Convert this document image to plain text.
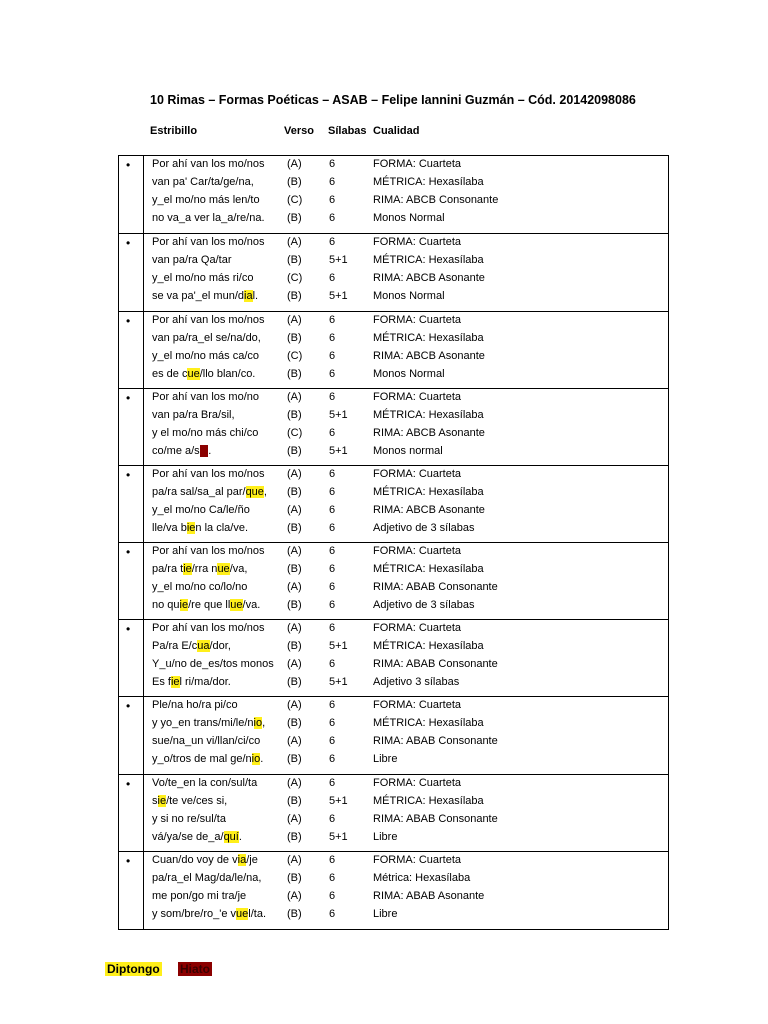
10 Rimas – Formas Poéticas – ASAB – Felipe Iannini Guzmán – Cód. 20142098086
Estribillo	Verso Sílabas Cualidad
• Por ahí van los mo/nos (A) 6	FORMA: Cuarteta
van pa' Car/ta/ge/na,	(B) 6	MÉTRICA: Hexasílaba
y_el mo/no más len/to (C) 6	RIMA: ABCB Consonante
no va_a ver la_a/re/na. (B) 6	Monos Normal
• Por ahí van los mo/nos (A) 6	FORMA: Cuarteta
van pa/ra Qa/tar	(B) 5+1 MÉTRICA: Hexasílaba
y_el mo/no más ri/co	(C) 6	RIMA: ABCB Asonante
se va pa'_el mun/dial.	(B) 5+1 Monos Normal
• Por ahí van los mo/nos (A) 6	FORMA: Cuarteta
van pa/ra_el se/na/do, (B) 6	MÉTRICA: Hexasílaba
y_el mo/no más ca/co	(C) 6	RIMA: ABCB Asonante
es de cue/llo blan/co.	(B) 6	Monos Normal
• Por ahí van los mo/no	(A) 6	FORMA: Cuarteta
van pa/ra Bra/sil,	(B) 5+1 MÉTRICA: Hexasílaba
y el mo/no más chi/co	(C) 6	RIMA: ABCB Asonante
co/me a/sai.	(B) 5+1 Monos normal
• Por ahí van los mo/nos (A) 6	FORMA: Cuarteta
pa/ra sal/sa_al par/que, (B) 6	MÉTRICA: Hexasílaba
y_el mo/no Ca/le/ño	(A) 6	RIMA: ABCB Asonante
lle/va bien la cla/ve.	(B) 6	Adjetivo de 3 sílabas
• Por ahí van los mo/nos (A) 6	FORMA: Cuarteta
pa/ra tie/rra nue/va,	(B) 6	MÉTRICA: Hexasílaba
y_el mo/no co/lo/no	(A) 6	RIMA: ABAB Consonante
no quie/re que llue/va. (B) 6	Adjetivo de 3 sílabas
• Por ahí van los mo/nos (A) 6	FORMA: Cuarteta
Pa/ra E/cua/dor,	(B) 5+1 MÉTRICA: Hexasílaba
Y_u/no de_es/tos monos (A) 6	RIMA: ABAB Consonante
Es fiel ri/ma/dor.	(B) 5+1 Adjetivo 3 sílabas
• Ple/na ho/ra pi/co	(A) 6	FORMA: Cuarteta
y yo_en trans/mi/le/nio, (B) 6	MÉTRICA: Hexasílaba
sue/na_un vi/llan/ci/co (A) 6	RIMA: ABAB Consonante
y_o/tros de mal ge/nio. (B) 6	Libre
• Vo/te_en la con/sul/ta	(A) 6	FORMA: Cuarteta
sie/te ve/ces si,	(B) 5+1 MÉTRICA: Hexasílaba
y si no re/sul/ta	(A) 6	RIMA: ABAB Consonante
vá/ya/se de_a/quí.	(B) 5+1 Libre
• Cuan/do voy de via/je	(A) 6	FORMA: Cuarteta
pa/ra_el Mag/da/le/na, (B) 6	Métrica: Hexasílaba
me pon/go mi tra/je	(A) 6	RIMA: ABAB Asonante
y som/bre/ro_'e vuel/ta. (B) 6	Libre
Diptongo Hiato
